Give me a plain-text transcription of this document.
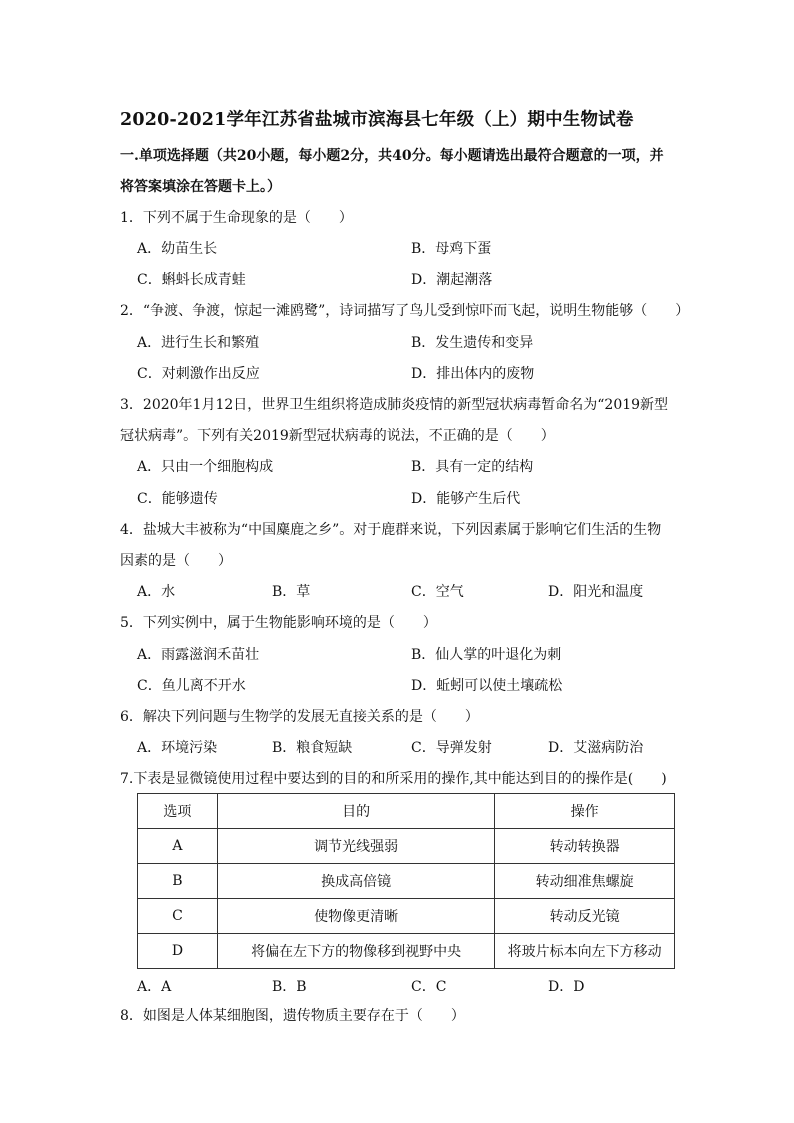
2020-2021学年江苏省盐城市滨海县七年级（上）期中生物试卷
一.单项选择题（共20小题，每小题2分，共40分。每小题请选出最符合题意的一项，并
将答案填涂在答题卡上。）
1．下列不属于生命现象的是（　　）
A．幼苗生长	B．母鸡下蛋
C．蝌蚪长成青蛙	D．潮起潮落
2．“争渡、争渡，惊起一滩鸥鹭”，诗词描写了鸟儿受到惊吓而飞起，说明生物能够（　　）
A．进行生长和繁殖	B．发生遗传和变异
C．对刺激作出反应	D．排出体内的废物
3．2020年1月12日，世界卫生组织将造成肺炎疫情的新型冠状病毒暂命名为“2019新型
冠状病毒”。下列有关2019新型冠状病毒的说法，不正确的是（　　）
A．只由一个细胞构成	B．具有一定的结构
C．能够遗传	D．能够产生后代
4．盐城大丰被称为“中国麋鹿之乡”。对于鹿群来说，下列因素属于影响它们生活的生物
因素的是（　　）
A．水	B．草	C．空气	D．阳光和温度
5．下列实例中，属于生物能影响环境的是（　　）
A．雨露滋润禾苗壮	B．仙人掌的叶退化为刺
C．鱼儿离不开水	D．蚯蚓可以使土壤疏松
6．解决下列问题与生物学的发展无直接关系的是（　　）
A．环境污染	B．粮食短缺	C．导弹发射	D．艾滋病防治
7.下表是显微镜使用过程中要达到的目的和所采用的操作,其中能达到目的的操作是(　　)
选项	目的	操作
A	调节光线强弱	转动转换器
B	换成高倍镜	转动细准焦螺旋
C	使物像更清晰	转动反光镜
D	将偏在左下方的物像移到视野中央	将玻片标本向左下方移动
A．A	B．B	C．C	D．D
8．如图是人体某细胞图，遗传物质主要存在于（　　）
